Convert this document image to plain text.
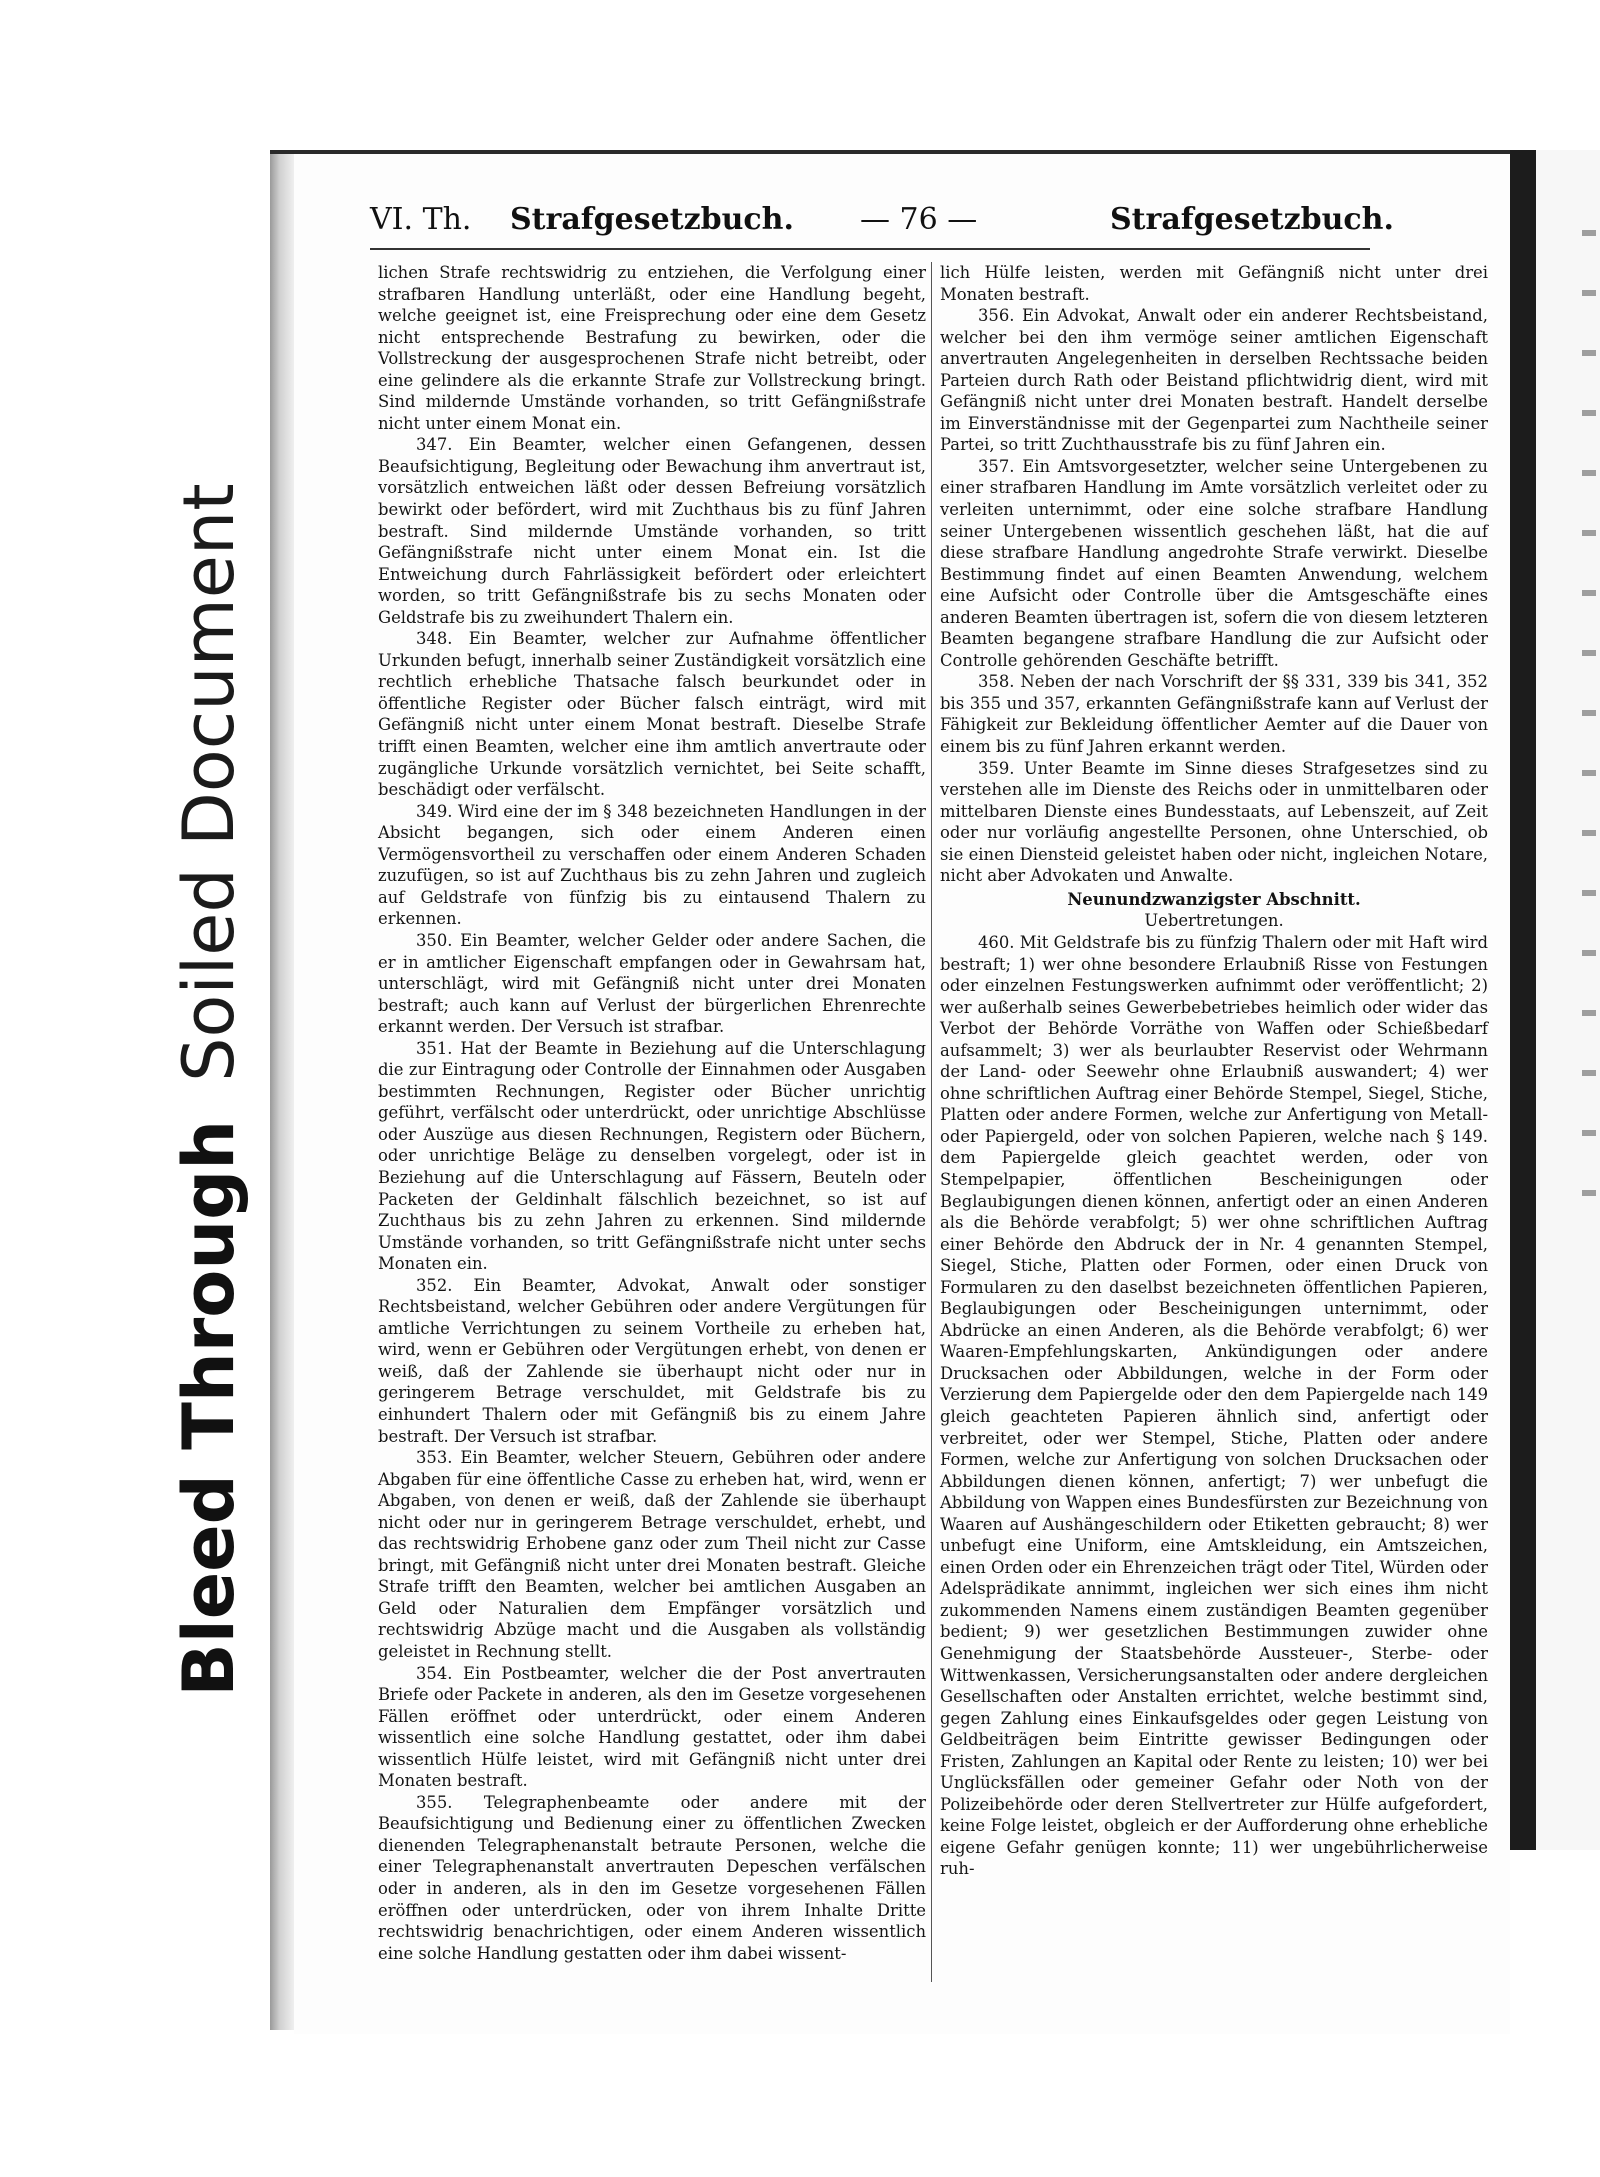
Bleed Through
Soiled Document
VI. Th. Strafgesetzbuch. — 76 —	Strafgesetzbuch.

lichen Strafe rechtswidrig zu entziehen, die Verfolgung einer strafbaren Handlung unterläßt, oder eine Handlung begeht, welche geeignet ist, eine Freisprechung oder eine dem Gesetz nicht entsprechende Bestrafung zu bewirken, oder die Vollstreckung der ausgesprochenen Strafe nicht betreibt, oder eine gelindere als die erkannte Strafe zur Vollstreckung bringt. Sind mildernde Umstände vorhanden, so tritt Gefängnißstrafe nicht unter einem Monat ein.

347. Ein Beamter, welcher einen Gefangenen, dessen Beaufsichtigung, Begleitung oder Bewachung ihm anvertraut ist, vorsätzlich entweichen läßt oder dessen Befreiung vorsätzlich bewirkt oder befördert, wird mit Zuchthaus bis zu fünf Jahren bestraft. Sind mildernde Umstände vorhanden, so tritt Gefängnißstrafe nicht unter einem Monat ein. Ist die Entweichung durch Fahrlässigkeit befördert oder erleichtert worden, so tritt Gefängnißstrafe bis zu sechs Monaten oder Geldstrafe bis zu zweihundert Thalern ein.

348. Ein Beamter, welcher zur Aufnahme öffentlicher Urkunden befugt, innerhalb seiner Zuständigkeit vorsätzlich eine rechtlich erhebliche Thatsache falsch beurkundet oder in öffentliche Register oder Bücher falsch einträgt, wird mit Gefängniß nicht unter einem Monat bestraft. Dieselbe Strafe trifft einen Beamten, welcher eine ihm amtlich anvertraute oder zugängliche Urkunde vorsätzlich vernichtet, bei Seite schafft, beschädigt oder verfälscht.

349. Wird eine der im § 348 bezeichneten Handlungen in der Absicht begangen, sich oder einem Anderen einen Vermögensvortheil zu verschaffen oder einem Anderen Schaden zuzufügen, so ist auf Zuchthaus bis zu zehn Jahren und zugleich auf Geldstrafe von fünfzig bis zu eintausend Thalern zu erkennen.

350. Ein Beamter, welcher Gelder oder andere Sachen, die er in amtlicher Eigenschaft empfangen oder in Gewahrsam hat, unterschlägt, wird mit Gefängniß nicht unter drei Monaten bestraft; auch kann auf Verlust der bürgerlichen Ehrenrechte erkannt werden. Der Versuch ist strafbar.

351. Hat der Beamte in Beziehung auf die Unterschlagung die zur Eintragung oder Controlle der Einnahmen oder Ausgaben bestimmten Rechnungen, Register oder Bücher unrichtig geführt, verfälscht oder unterdrückt, oder unrichtige Abschlüsse oder Auszüge aus diesen Rechnungen, Registern oder Büchern, oder unrichtige Beläge zu denselben vorgelegt, oder ist in Beziehung auf die Unterschlagung auf Fässern, Beuteln oder Packeten der Geldinhalt fälschlich bezeichnet, so ist auf Zuchthaus bis zu zehn Jahren zu erkennen. Sind mildernde Umstände vorhanden, so tritt Gefängnißstrafe nicht unter sechs Monaten ein.

352. Ein Beamter, Advokat, Anwalt oder sonstiger Rechtsbeistand, welcher Gebühren oder andere Vergütungen für amtliche Verrichtungen zu seinem Vortheile zu erheben hat, wird, wenn er Gebühren oder Vergütungen erhebt, von denen er weiß, daß der Zahlende sie überhaupt nicht oder nur in geringerem Betrage verschuldet, mit Geldstrafe bis zu einhundert Thalern oder mit Gefängniß bis zu einem Jahre bestraft. Der Versuch ist strafbar.

353. Ein Beamter, welcher Steuern, Gebühren oder andere Abgaben für eine öffentliche Casse zu erheben hat, wird, wenn er Abgaben, von denen er weiß, daß der Zahlende sie überhaupt nicht oder nur in geringerem Betrage verschuldet, erhebt, und das rechtswidrig Erhobene ganz oder zum Theil nicht zur Casse bringt, mit Gefängniß nicht unter drei Monaten bestraft. Gleiche Strafe trifft den Beamten, welcher bei amtlichen Ausgaben an Geld oder Naturalien dem Empfänger vorsätzlich und rechtswidrig Abzüge macht und die Ausgaben als vollständig geleistet in Rechnung stellt.

354. Ein Postbeamter, welcher die der Post anvertrauten Briefe oder Packete in anderen, als den im Gesetze vorgesehenen Fällen eröffnet oder unterdrückt, oder einem Anderen wissentlich eine solche Handlung gestattet, oder ihm dabei wissentlich Hülfe leistet, wird mit Gefängniß nicht unter drei Monaten bestraft.

355. Telegraphenbeamte oder andere mit der Beaufsichtigung und Bedienung einer zu öffentlichen Zwecken dienenden Telegraphenanstalt betraute Personen, welche die einer Telegraphenanstalt anvertrauten Depeschen verfälschen oder in anderen, als in den im Gesetze vorgesehenen Fällen eröffnen oder unterdrücken, oder von ihrem Inhalte Dritte rechtswidrig benachrichtigen, oder einem Anderen wissentlich eine solche Handlung gestatten oder ihm dabei wissent-

lich Hülfe leisten, werden mit Gefängniß nicht unter drei Monaten bestraft.

356. Ein Advokat, Anwalt oder ein anderer Rechtsbeistand, welcher bei den ihm vermöge seiner amtlichen Eigenschaft anvertrauten Angelegenheiten in derselben Rechtssache beiden Parteien durch Rath oder Beistand pflichtwidrig dient, wird mit Gefängniß nicht unter drei Monaten bestraft. Handelt derselbe im Einverständnisse mit der Gegenpartei zum Nachtheile seiner Partei, so tritt Zuchthausstrafe bis zu fünf Jahren ein.

357. Ein Amtsvorgesetzter, welcher seine Untergebenen zu einer strafbaren Handlung im Amte vorsätzlich verleitet oder zu verleiten unternimmt, oder eine solche strafbare Handlung seiner Untergebenen wissentlich geschehen läßt, hat die auf diese strafbare Handlung angedrohte Strafe verwirkt. Dieselbe Bestimmung findet auf einen Beamten Anwendung, welchem eine Aufsicht oder Controlle über die Amtsgeschäfte eines anderen Beamten übertragen ist, sofern die von diesem letzteren Beamten begangene strafbare Handlung die zur Aufsicht oder Controlle gehörenden Geschäfte betrifft.

358. Neben der nach Vorschrift der §§ 331, 339 bis 341, 352 bis 355 und 357, erkannten Gefängnißstrafe kann auf Verlust der Fähigkeit zur Bekleidung öffentlicher Aemter auf die Dauer von einem bis zu fünf Jahren erkannt werden.

359. Unter Beamte im Sinne dieses Strafgesetzes sind zu verstehen alle im Dienste des Reichs oder in unmittelbaren oder mittelbaren Dienste eines Bundesstaats, auf Lebenszeit, auf Zeit oder nur vorläufig angestellte Personen, ohne Unterschied, ob sie einen Diensteid geleistet haben oder nicht, ingleichen Notare, nicht aber Advokaten und Anwalte.

Neunundzwanzigster Abschnitt.

Uebertretungen.

460. Mit Geldstrafe bis zu fünfzig Thalern oder mit Haft wird bestraft; 1) wer ohne besondere Erlaubniß Risse von Festungen oder einzelnen Festungswerken aufnimmt oder veröffentlicht; 2) wer außerhalb seines Gewerbebetriebes heimlich oder wider das Verbot der Behörde Vorräthe von Waffen oder Schießbedarf aufsammelt; 3) wer als beurlaubter Reservist oder Wehrmann der Land- oder Seewehr ohne Erlaubniß auswandert; 4) wer ohne schriftlichen Auftrag einer Behörde Stempel, Siegel, Stiche, Platten oder andere Formen, welche zur Anfertigung von Metall- oder Papiergeld, oder von solchen Papieren, welche nach § 149. dem Papiergelde gleich geachtet werden, oder von Stempelpapier, öffentlichen Bescheinigungen oder Beglaubigungen dienen können, anfertigt oder an einen Anderen als die Behörde verabfolgt; 5) wer ohne schriftlichen Auftrag einer Behörde den Abdruck der in Nr. 4 genannten Stempel, Siegel, Stiche, Platten oder Formen, oder einen Druck von Formularen zu den daselbst bezeichneten öffentlichen Papieren, Beglaubigungen oder Bescheinigungen unternimmt, oder Abdrücke an einen Anderen, als die Behörde verabfolgt; 6) wer Waaren-Empfehlungskarten, Ankündigungen oder andere Drucksachen oder Abbildungen, welche in der Form oder Verzierung dem Papiergelde oder den dem Papiergelde nach 149 gleich geachteten Papieren ähnlich sind, anfertigt oder verbreitet, oder wer Stempel, Stiche, Platten oder andere Formen, welche zur Anfertigung von solchen Drucksachen oder Abbildungen dienen können, anfertigt; 7) wer unbefugt die Abbildung von Wappen eines Bundesfürsten zur Bezeichnung von Waaren auf Aushängeschildern oder Etiketten gebraucht; 8) wer unbefugt eine Uniform, eine Amtskleidung, ein Amtszeichen, einen Orden oder ein Ehrenzeichen trägt oder Titel, Würden oder Adelsprädikate annimmt, ingleichen wer sich eines ihm nicht zukommenden Namens einem zuständigen Beamten gegenüber bedient; 9) wer gesetzlichen Bestimmungen zuwider ohne Genehmigung der Staatsbehörde Aussteuer-, Sterbe- oder Wittwenkassen, Versicherungsanstalten oder andere dergleichen Gesellschaften oder Anstalten errichtet, welche bestimmt sind, gegen Zahlung eines Einkaufsgeldes oder gegen Leistung von Geldbeiträgen beim Eintritte gewisser Bedingungen oder Fristen, Zahlungen an Kapital oder Rente zu leisten; 10) wer bei Unglücksfällen oder gemeiner Gefahr oder Noth von der Polizeibehörde oder deren Stellvertreter zur Hülfe aufgefordert, keine Folge leistet, obgleich er der Aufforderung ohne erhebliche eigene Gefahr genügen konnte; 11) wer ungebührlicherweise ruh-
